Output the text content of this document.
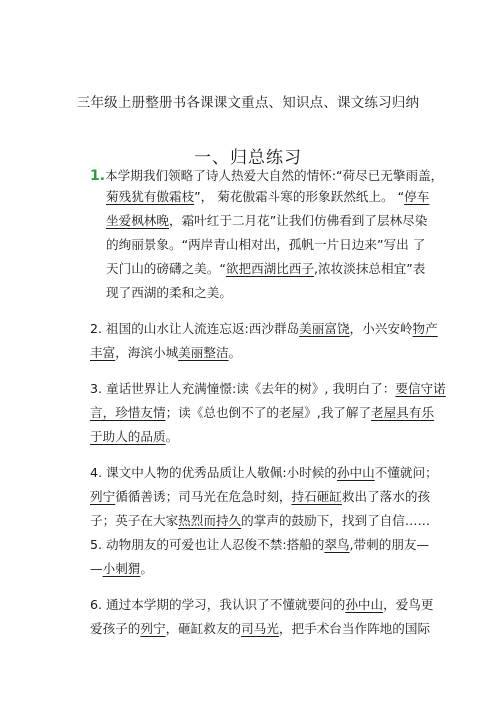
三年级上册整册书各课课文重点、知识点、课文练习归纳
一、归总练习
1.本学期我们领略了诗人热爱大自然的情怀:“荷尽已无擎雨盖，
菊残犹有傲霜枝”， 菊花傲霜斗寒的形象跃然纸上。 “停车
坐爱枫林晚，霜叶红于二月花”让我们仿佛看到了层林尽染
的绚丽景象。“两岸青山相对出，孤帆一片日边来”写出 了
天门山的磅礴之美。“欲把西湖比西子,浓妆淡抹总相宜”表
现了西湖的柔和之美。
2. 祖国的山水让人流连忘返:西沙群岛美丽富饶，小兴安岭物产
丰富，海滨小城美丽整洁。
3. 童话世界让人充满憧憬:读《去年的树》, 我明白了：要信守诺
言，珍惜友情；读《总也倒不了的老屋》,我了解了老屋具有乐
于助人的品质。
4. 课文中人物的优秀品质让人敬佩:小时候的孙中山不懂就问；
列宁循循善诱；司马光在危急时刻，持石砸缸救出了落水的孩
子；英子在大家热烈而持久的掌声的鼓励下，找到了自信……
5. 动物朋友的可爱也让人忍俊不禁:搭船的翠鸟,带刺的朋友—
—小刺猬。
6. 通过本学期的学习，我认识了不懂就要问的孙中山，爱鸟更
爱孩子的列宁，砸缸救友的司马光，把手术台当作阵地的国际
